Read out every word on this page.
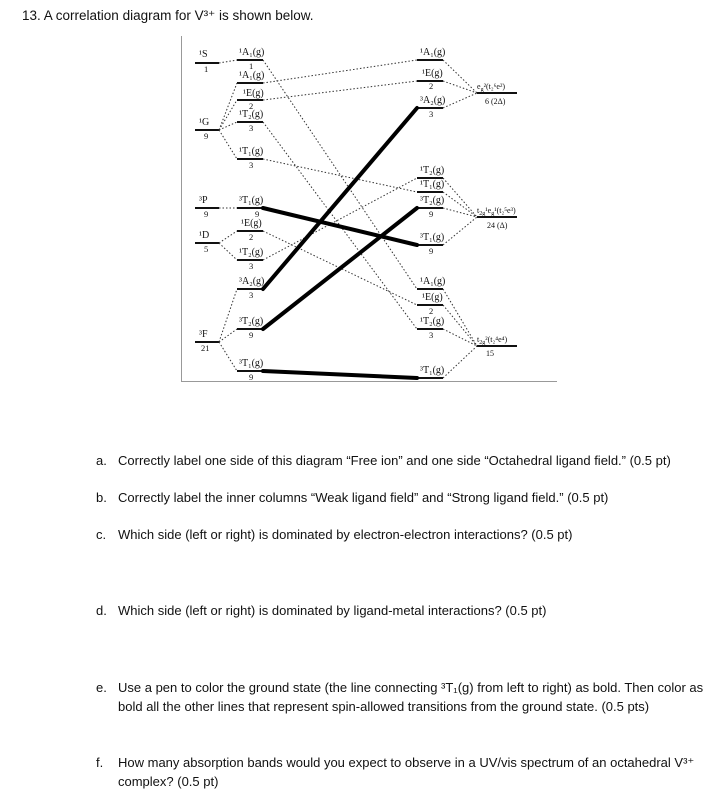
13. A correlation diagram for V³⁺ is shown below.
¹S
1
¹G
9
³P
9
¹D
5
³F
21
¹A₁(g)
1
¹A₁(g)
¹E(g)
2
¹T₂(g)
3
¹T₁(g)
3
³T₁(g)
9
¹E(g)
2
¹T₂(g)
3
³A₂(g)
3
³T₂(g)
9
³T₁(g)
9
¹A₁(g)
¹E(g)
2
³A₂(g)
3
¹T₂(g)
¹T₁(g)
³T₂(g)
9
³T₁(g)
9
¹A₁(g)
¹E(g)
2
¹T₂(g)
3
³T₁(g)
$e_g^2(t_2^6e^2)$
6 (2Δ)
$t_{2g}^1e_g^1(t_2^5e^3)$
24 (Δ)
$t_{2g}^2(t_2^4e^4)$
15
a. Correctly label one side of this diagram “Free ion” and one side “Octahedral ligand field.” (0.5 pt)
b. Correctly label the inner columns “Weak ligand field” and “Strong ligand field.” (0.5 pt)
c. Which side (left or right) is dominated by electron-electron interactions? (0.5 pt)
d. Which side (left or right) is dominated by ligand-metal interactions? (0.5 pt)
e. Use a pen to color the ground state (the line connecting ³T₁(g) from left to right) as bold. Then color as bold all the other lines that represent spin-allowed transitions from the ground state. (0.5 pts)
f.	How many absorption bands would you expect to observe in a UV/vis spectrum of an octahedral V³⁺ complex? (0.5 pt)
